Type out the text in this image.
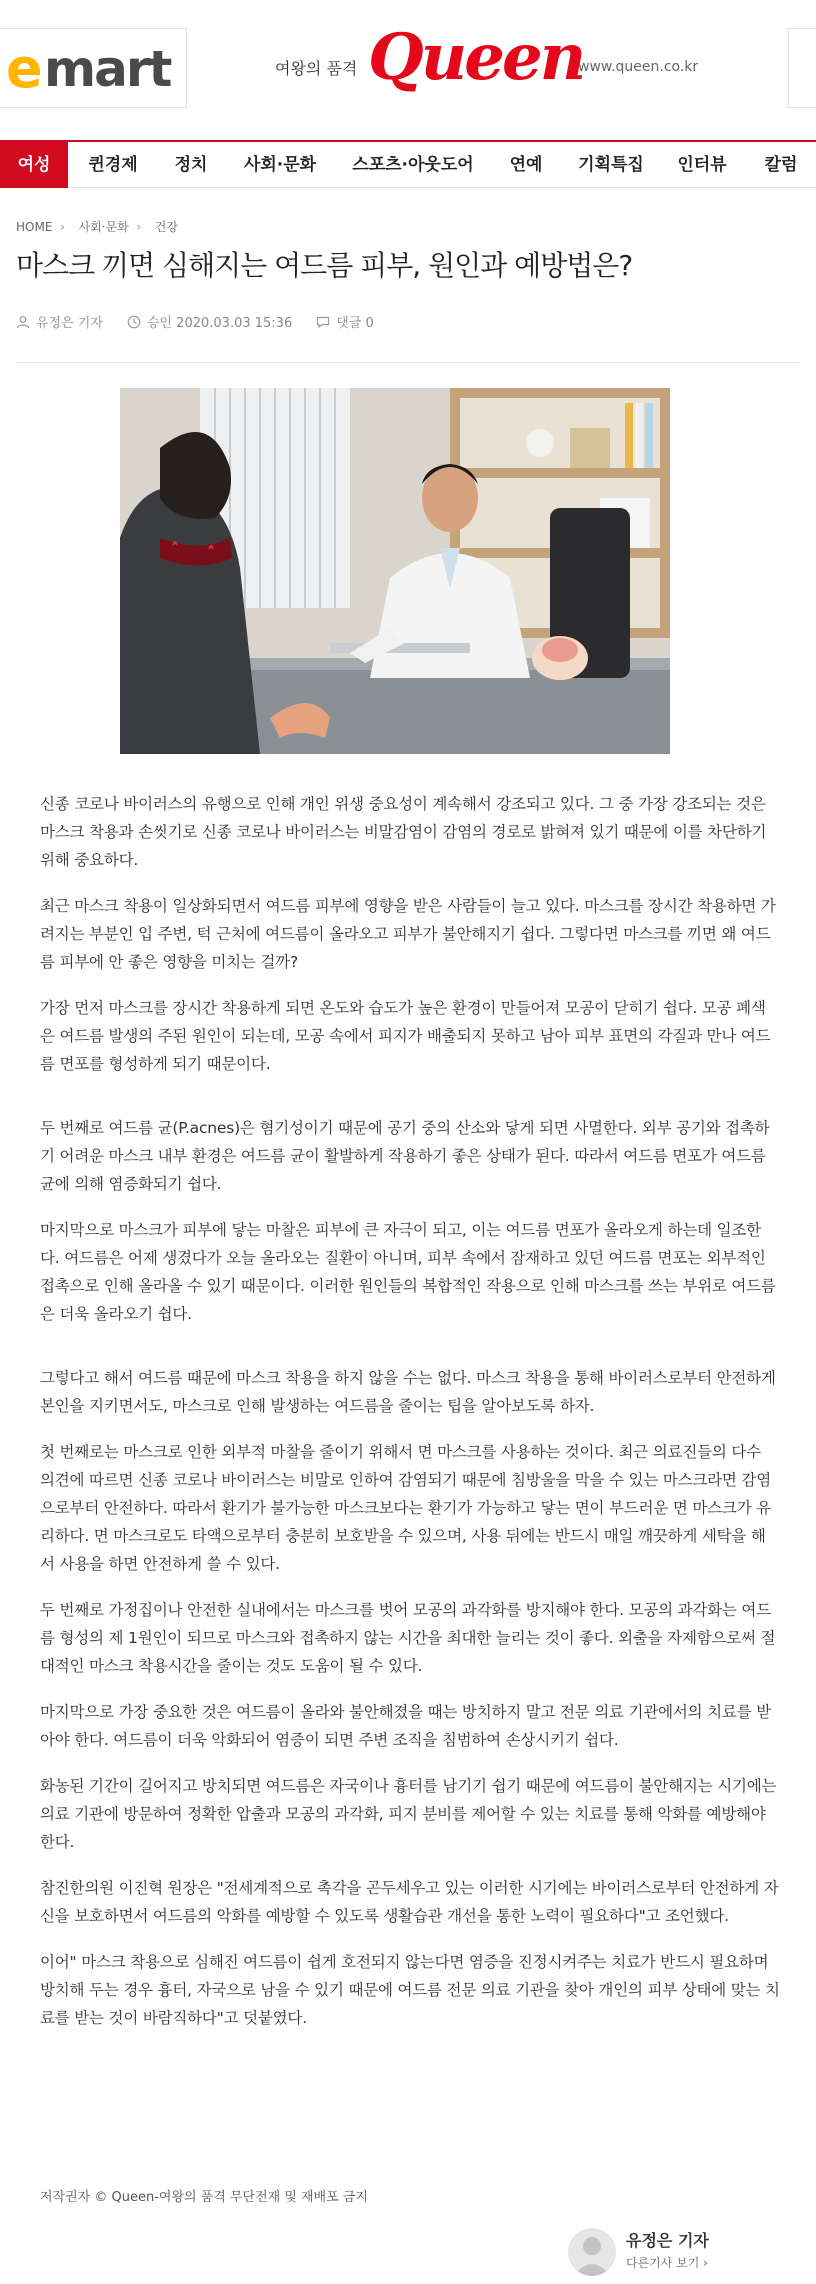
e mart	여왕의 품격 Queen
www.queen.co.kr
여성	퀸경제	정치	사회·문화	스포츠·아웃도어	연예	기획특집	인터뷰	칼럼
HOME  ›  사회·문화  ›  건강
마스크 끼면 심해지는 여드름 피부, 원인과 예방법은?
유정은 기자	승인 2020.03.03 15:36	댓글 0

신종 코로나 바이러스의 유행으로 인해 개인 위생 중요성이 계속해서 강조되고 있다. 그 중 가장 강조되는 것은 마스크 착용과 손씻기로 신종 코로나 바이러스는 비말감염이 감염의 경로로 밝혀져 있기 때문에 이를 차단하기 위해 중요하다.

최근 마스크 착용이 일상화되면서 여드름 피부에 영향을 받은 사람들이 늘고 있다. 마스크를 장시간 착용하면 가려지는 부분인 입 주변, 턱 근처에 여드름이 올라오고 피부가 불안해지기 쉽다. 그렇다면 마스크를 끼면 왜 여드름 피부에 안 좋은 영향을 미치는 걸까?

가장 먼저 마스크를 장시간 착용하게 되면 온도와 습도가 높은 환경이 만들어져 모공이 닫히기 쉽다. 모공 폐색은 여드름 발생의 주된 원인이 되는데, 모공 속에서 피지가 배출되지 못하고 남아 피부 표면의 각질과 만나 여드름 면포를 형성하게 되기 때문이다.

두 번째로 여드름 균(P.acnes)은 혐기성이기 때문에 공기 중의 산소와 닿게 되면 사멸한다. 외부 공기와 접촉하기 어려운 마스크 내부 환경은 여드름 균이 활발하게 작용하기 좋은 상태가 된다. 따라서 여드름 면포가 여드름 균에 의해 염증화되기 쉽다.

마지막으로 마스크가 피부에 닿는 마찰은 피부에 큰 자극이 되고, 이는 여드름 면포가 올라오게 하는데 일조한다. 여드름은 어제 생겼다가 오늘 올라오는 질환이 아니며, 피부 속에서 잠재하고 있던 여드름 면포는 외부적인 접촉으로 인해 올라올 수 있기 때문이다. 이러한 원인들의 복합적인 작용으로 인해 마스크를 쓰는 부위로 여드름은 더욱 올라오기 쉽다.

그렇다고 해서 여드름 때문에 마스크 착용을 하지 않을 수는 없다. 마스크 착용을 통해 바이러스로부터 안전하게 본인을 지키면서도, 마스크로 인해 발생하는 여드름을 줄이는 팁을 알아보도록 하자.

첫 번째로는 마스크로 인한 외부적 마찰을 줄이기 위해서 면 마스크를 사용하는 것이다. 최근 의료진들의 다수 의견에 따르면 신종 코로나 바이러스는 비말로 인하여 감염되기 때문에 침방울을 막을 수 있는 마스크라면 감염으로부터 안전하다. 따라서 환기가 불가능한 마스크보다는 환기가 가능하고 닿는 면이 부드러운 면 마스크가 유리하다. 면 마스크로도 타액으로부터 충분히 보호받을 수 있으며, 사용 뒤에는 반드시 매일 깨끗하게 세탁을 해서 사용을 하면 안전하게 쓸 수 있다.

두 번째로 가정집이나 안전한 실내에서는 마스크를 벗어 모공의 과각화를 방지해야 한다. 모공의 과각화는 여드름 형성의 제 1원인이 되므로 마스크와 접촉하지 않는 시간을 최대한 늘리는 것이 좋다. 외출을 자제함으로써 절대적인 마스크 착용시간을 줄이는 것도 도움이 될 수 있다.

마지막으로 가장 중요한 것은 여드름이 올라와 불안해졌을 때는 방치하지 말고 전문 의료 기관에서의 치료를 받아야 한다. 여드름이 더욱 악화되어 염증이 되면 주변 조직을 침범하여 손상시키기 쉽다.

화농된 기간이 길어지고 방치되면 여드름은 자국이나 흉터를 남기기 쉽기 때문에 여드름이 불안해지는 시기에는 의료 기관에 방문하여 정확한 압출과 모공의 과각화, 피지 분비를 제어할 수 있는 치료를 통해 악화를 예방해야 한다.

참진한의원 이진혁 원장은 "전세계적으로 촉각을 곤두세우고 있는 이러한 시기에는 바이러스로부터 안전하게 자신을 보호하면서 여드름의 악화를 예방할 수 있도록 생활습관 개선을 통한 노력이 필요하다"고 조언했다.

이어" 마스크 착용으로 심해진 여드름이 쉽게 호전되지 않는다면 염증을 진정시켜주는 치료가 반드시 필요하며 방치해 두는 경우 흉터, 자국으로 남을 수 있기 때문에 여드름 전문 의료 기관을 찾아 개인의 피부 상태에 맞는 치료를 받는 것이 바람직하다"고 덧붙였다.

저작권자 © Queen-여왕의 품격 무단전재 및 재배포 금지
유정은 기자
다른기사 보기 ›
